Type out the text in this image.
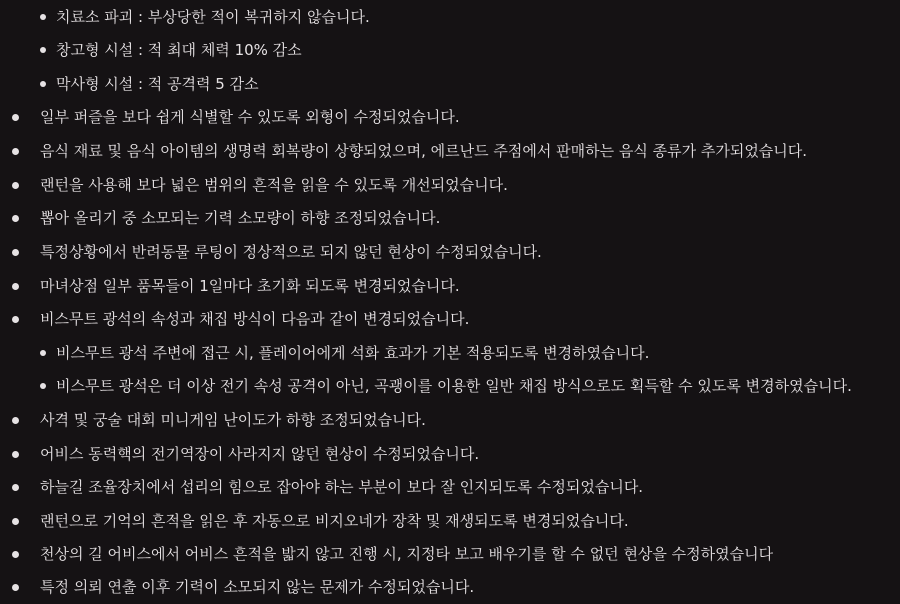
치료소 파괴 : 부상당한 적이 복귀하지 않습니다.
창고형 시설 : 적 최대 체력 10% 감소
막사형 시설 : 적 공격력 5 감소
일부 퍼즐을 보다 쉽게 식별할 수 있도록 외형이 수정되었습니다.
음식 재료 및 음식 아이템의 생명력 회복량이 상향되었으며, 에르난드 주점에서 판매하는 음식 종류가 추가되었습니다.
랜턴을 사용해 보다 넓은 범위의 흔적을 읽을 수 있도록 개선되었습니다.
뽑아 올리기 중 소모되는 기력 소모량이 하향 조정되었습니다.
특정상황에서 반려동물 루팅이 정상적으로 되지 않던 현상이 수정되었습니다.
마녀상점 일부 품목들이 1일마다 초기화 되도록 변경되었습니다.
비스무트 광석의 속성과 채집 방식이 다음과 같이 변경되었습니다.
비스무트 광석 주변에 접근 시, 플레이어에게 석화 효과가 기본 적용되도록 변경하였습니다.
비스무트 광석은 더 이상 전기 속성 공격이 아닌, 곡괭이를 이용한 일반 채집 방식으로도 획득할 수 있도록 변경하였습니다.
사격 및 궁술 대회 미니게임 난이도가 하향 조정되었습니다.
어비스 동력핵의 전기역장이 사라지지 않던 현상이 수정되었습니다.
하늘길 조율장치에서 섭리의 힘으로 잡아야 하는 부분이 보다 잘 인지되도록 수정되었습니다.
랜턴으로 기억의 흔적을 읽은 후 자동으로 비지오네가 장착 및 재생되도록 변경되었습니다.
천상의 길 어비스에서 어비스 흔적을 밟지 않고 진행 시, 지정타 보고 배우기를 할 수 없던 현상을 수정하였습니다
특정 의뢰 연출 이후 기력이 소모되지 않는 문제가 수정되었습니다.
